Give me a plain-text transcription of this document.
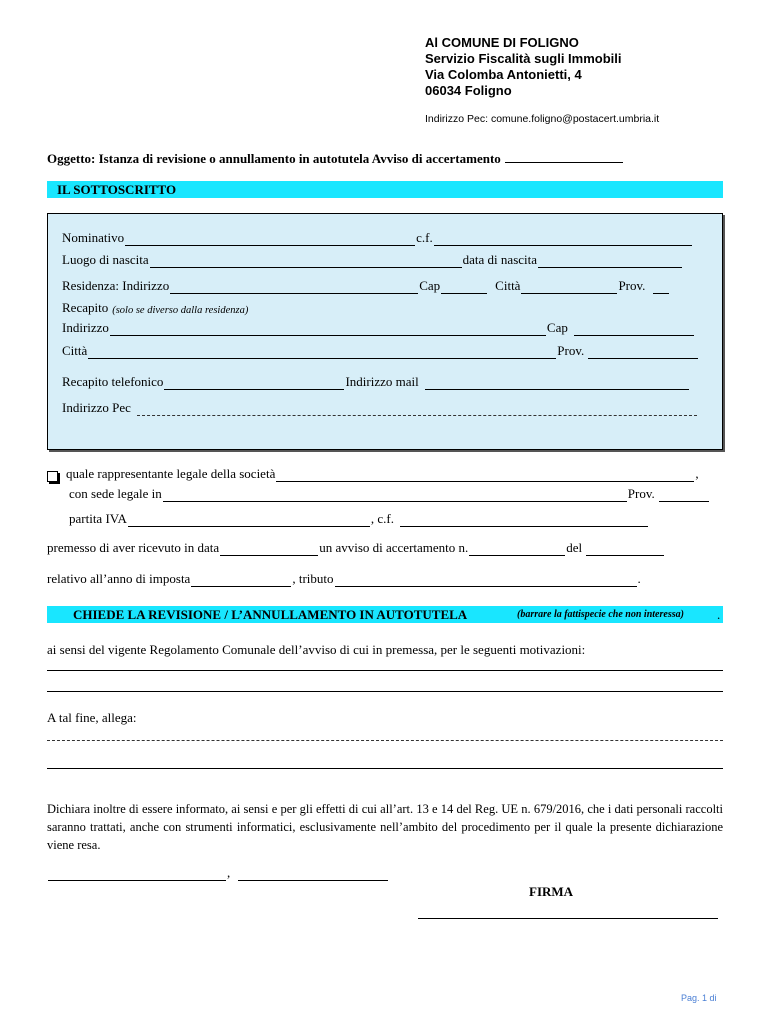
Al COMUNE DI FOLIGNO
Servizio Fiscalità sugli Immobili
Via Colomba Antonietti, 4
06034 Foligno
Indirizzo Pec: comune.foligno@postacert.umbria.it
Oggetto: Istanza di revisione o annullamento in autotutela Avviso di accertamento
IL SOTTOSCRITTO
Nominativo	c.f.
Luogo di nascita	data di nascita
Residenza: Indirizzo	Cap	Città	Prov.
Recapito (solo se diverso dalla residenza)
Indirizzo	Cap
Città	Prov.
Recapito telefonico	Indirizzo mail
Indirizzo Pec
quale rappresentante legale della società	,
con sede legale in	Prov.
partita IVA	, c.f.
premesso di aver ricevuto in data	un avviso di accertamento n.	del
relativo all’anno di imposta	, tributo	.
CHIEDE LA REVISIONE / L’ANNULLAMENTO IN AUTOTUTELA	(barrare la fattispecie che non interessa)	.
ai sensi del vigente Regolamento Comunale dell’avviso di cui in premessa, per le seguenti motivazioni:
A tal fine, allega:
Dichiara inoltre di essere informato, ai sensi e per gli effetti di cui all’art. 13 e 14 del Reg. UE n. 679/2016, che i dati personali raccolti saranno trattati, anche con strumenti informatici, esclusivamente nell’ambito del procedimento per il quale la presente dichiarazione viene resa.
,
FIRMA
Pag. 1 di
